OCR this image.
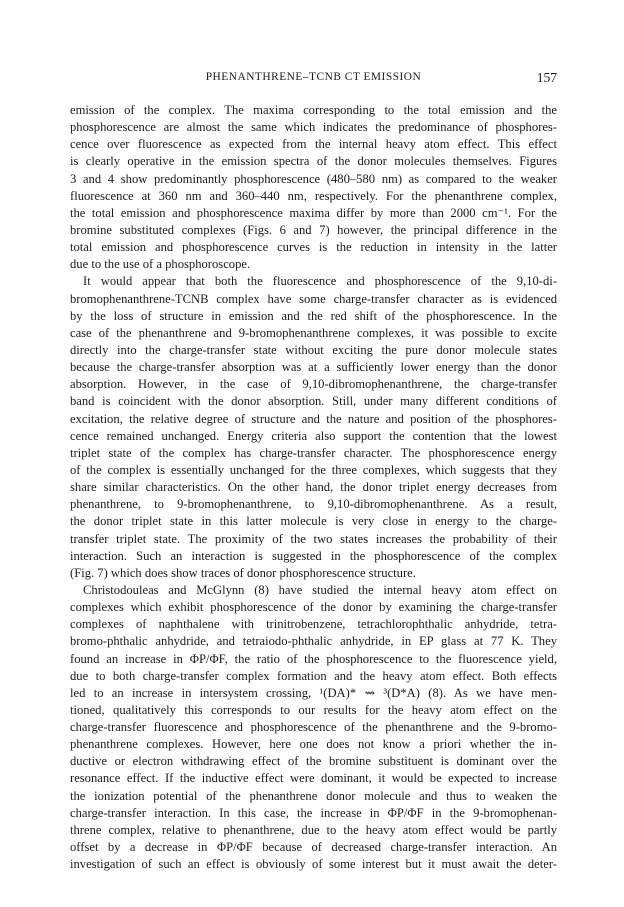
PHENANTHRENE–TCNB CT EMISSION	157
emission of the complex. The maxima corresponding to the total emission and the
phosphorescence are almost the same which indicates the predominance of phosphores-
cence over fluorescence as expected from the internal heavy atom effect. This effect
is clearly operative in the emission spectra of the donor molecules themselves. Figures
3 and 4 show predominantly phosphorescence (480–580 nm) as compared to the weaker
fluorescence at 360 nm and 360–440 nm, respectively. For the phenanthrene complex,
the total emission and phosphorescence maxima differ by more than 2000 cm⁻¹. For the
bromine substituted complexes (Figs. 6 and 7) however, the principal difference in the
total emission and phosphorescence curves is the reduction in intensity in the latter
due to the use of a phosphoroscope.
It would appear that both the fluorescence and phosphorescence of the 9,10-di-
bromophenanthrene-TCNB complex have some charge-transfer character as is evidenced
by the loss of structure in emission and the red shift of the phosphorescence. In the
case of the phenanthrene and 9-bromophenanthrene complexes, it was possible to excite
directly into the charge-transfer state without exciting the pure donor molecule states
because the charge-transfer absorption was at a sufficiently lower energy than the donor
absorption. However, in the case of 9,10-dibromophenanthrene, the charge-transfer
band is coincident with the donor absorption. Still, under many different conditions of
excitation, the relative degree of structure and the nature and position of the phosphores-
cence remained unchanged. Energy criteria also support the contention that the lowest
triplet state of the complex has charge-transfer character. The phosphorescence energy
of the complex is essentially unchanged for the three complexes, which suggests that they
share similar characteristics. On the other hand, the donor triplet energy decreases from
phenanthrene, to 9-bromophenanthrene, to 9,10-dibromophenanthrene. As a result,
the donor triplet state in this latter molecule is very close in energy to the charge-
transfer triplet state. The proximity of the two states increases the probability of their
interaction. Such an interaction is suggested in the phosphorescence of the complex
(Fig. 7) which does show traces of donor phosphorescence structure.
Christodouleas and McGlynn (8) have studied the internal heavy atom effect on
complexes which exhibit phosphorescence of the donor by examining the charge-transfer
complexes of naphthalene with trinitrobenzene, tetrachlorophthalic anhydride, tetra-
bromo-phthalic anhydride, and tetraiodo-phthalic anhydride, in EP glass at 77 K. They
found an increase in ΦP/ΦF, the ratio of the phosphorescence to the fluorescence yield,
due to both charge-transfer complex formation and the heavy atom effect. Both effects
led to an increase in intersystem crossing, ¹(DA)* ⇝ ³(D*A) (8). As we have men-
tioned, qualitatively this corresponds to our results for the heavy atom effect on the
charge-transfer fluorescence and phosphorescence of the phenanthrene and the 9-bromo-
phenanthrene complexes. However, here one does not know a priori whether the in-
ductive or electron withdrawing effect of the bromine substituent is dominant over the
resonance effect. If the inductive effect were dominant, it would be expected to increase
the ionization potential of the phenanthrene donor molecule and thus to weaken the
charge-transfer interaction. In this case, the increase in ΦP/ΦF in the 9-bromophenan-
threne complex, relative to phenanthrene, due to the heavy atom effect would be partly
offset by a decrease in ΦP/ΦF because of decreased charge-transfer interaction. An
investigation of such an effect is obviously of some interest but it must await the deter-
